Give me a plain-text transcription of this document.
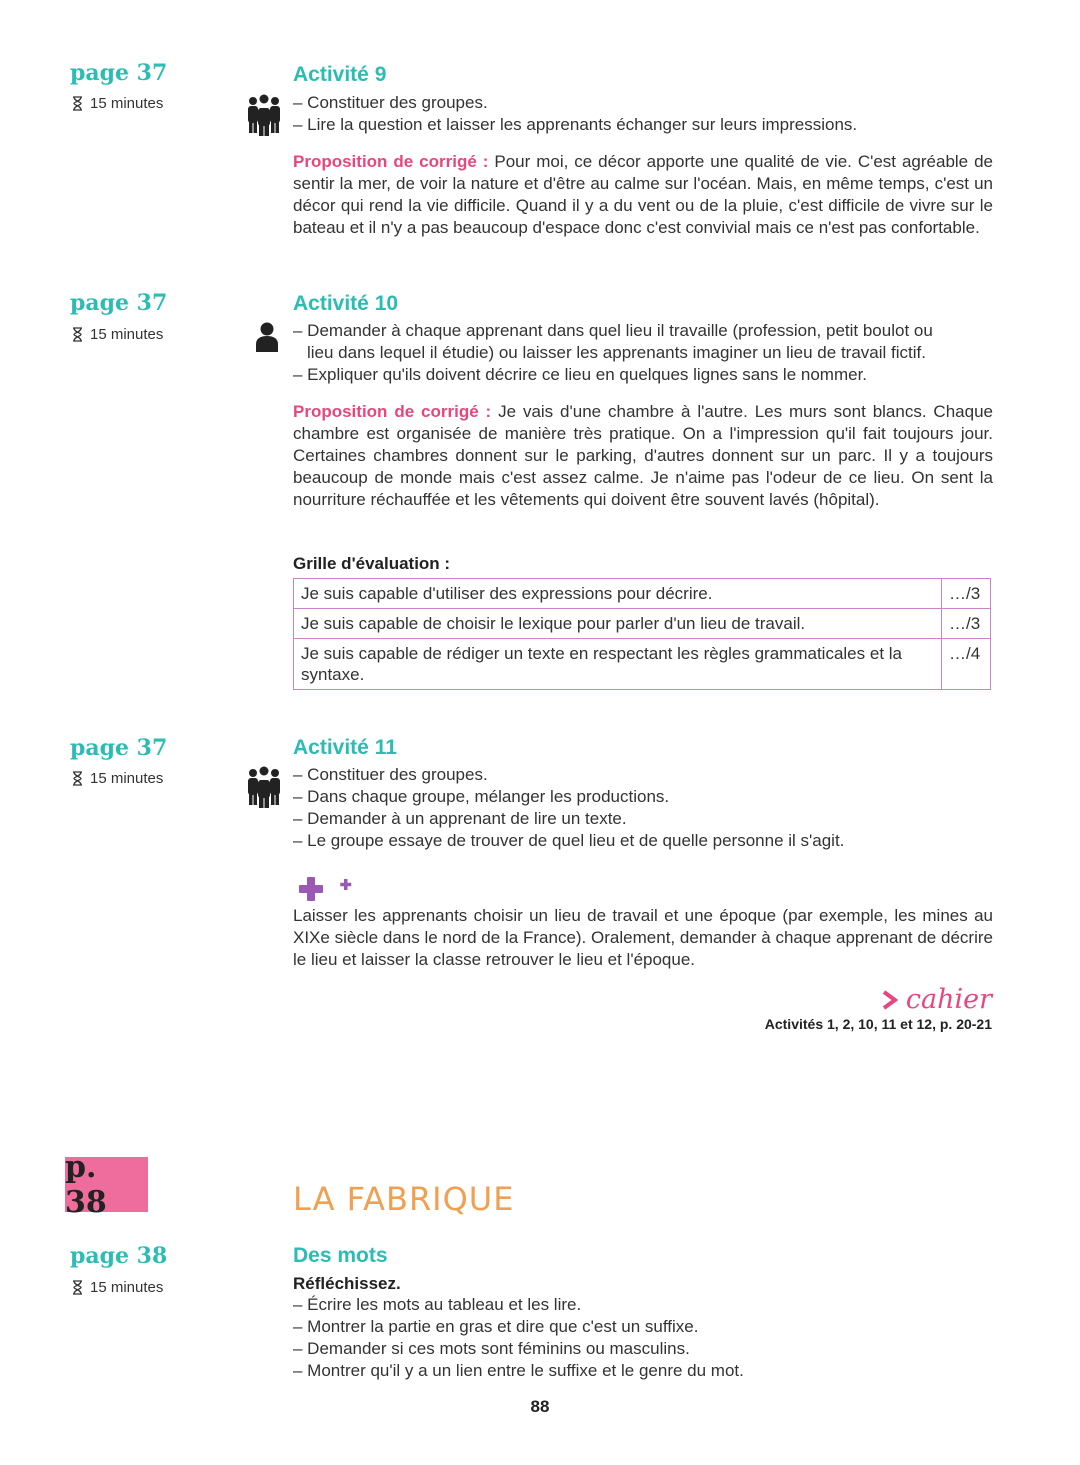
page 37
15 minutes
Activité 9
– Constituer des groupes.
– Lire la question et laisser les apprenants échanger sur leurs impressions.
Proposition de corrigé : Pour moi, ce décor apporte une qualité de vie. C'est agréable de sentir la mer, de voir la nature et d'être au calme sur l'océan. Mais, en même temps, c'est un décor qui rend la vie difficile. Quand il y a du vent ou de la pluie, c'est difficile de vivre sur le bateau et il n'y a pas beaucoup d'espace donc c'est convivial mais ce n'est pas confortable.
page 37
15 minutes
Activité 10
– Demander à chaque apprenant dans quel lieu il travaille (profession, petit boulot ou
lieu dans lequel il étudie) ou laisser les apprenants imaginer un lieu de travail fictif.
– Expliquer qu'ils doivent décrire ce lieu en quelques lignes sans le nommer.
Proposition de corrigé : Je vais d'une chambre à l'autre. Les murs sont blancs. Chaque chambre est organisée de manière très pratique. On a l'impression qu'il fait toujours jour. Certaines chambres donnent sur le parking, d'autres donnent sur un parc. Il y a toujours beaucoup de monde mais c'est assez calme. Je n'aime pas l'odeur de ce lieu. On sent la nourriture réchauffée et les vêtements qui doivent être souvent lavés (hôpital).
Grille d'évaluation :
Je suis capable d'utiliser des expressions pour décrire.	…/3
Je suis capable de choisir le lexique pour parler d'un lieu de travail.	…/3
Je suis capable de rédiger un texte en respectant les règles grammaticales et la syntaxe.	…/4
page 37
15 minutes
Activité 11
– Constituer des groupes.
– Dans chaque groupe, mélanger les productions.
– Demander à un apprenant de lire un texte.
– Le groupe essaye de trouver de quel lieu et de quelle personne il s'agit.
Laisser les apprenants choisir un lieu de travail et une époque (par exemple, les mines au XIXe siècle dans le nord de la France). Oralement, demander à chaque apprenant de décrire le lieu et laisser la classe retrouver le lieu et l'époque.
cahier
Activités 1, 2, 10, 11 et 12, p. 20-21
p. 38	LA FABRIQUE
page 38
15 minutes
Des mots
Réfléchissez.
– Écrire les mots au tableau et les lire.
– Montrer la partie en gras et dire que c'est un suffixe.
– Demander si ces mots sont féminins ou masculins.
– Montrer qu'il y a un lien entre le suffixe et le genre du mot.
88
